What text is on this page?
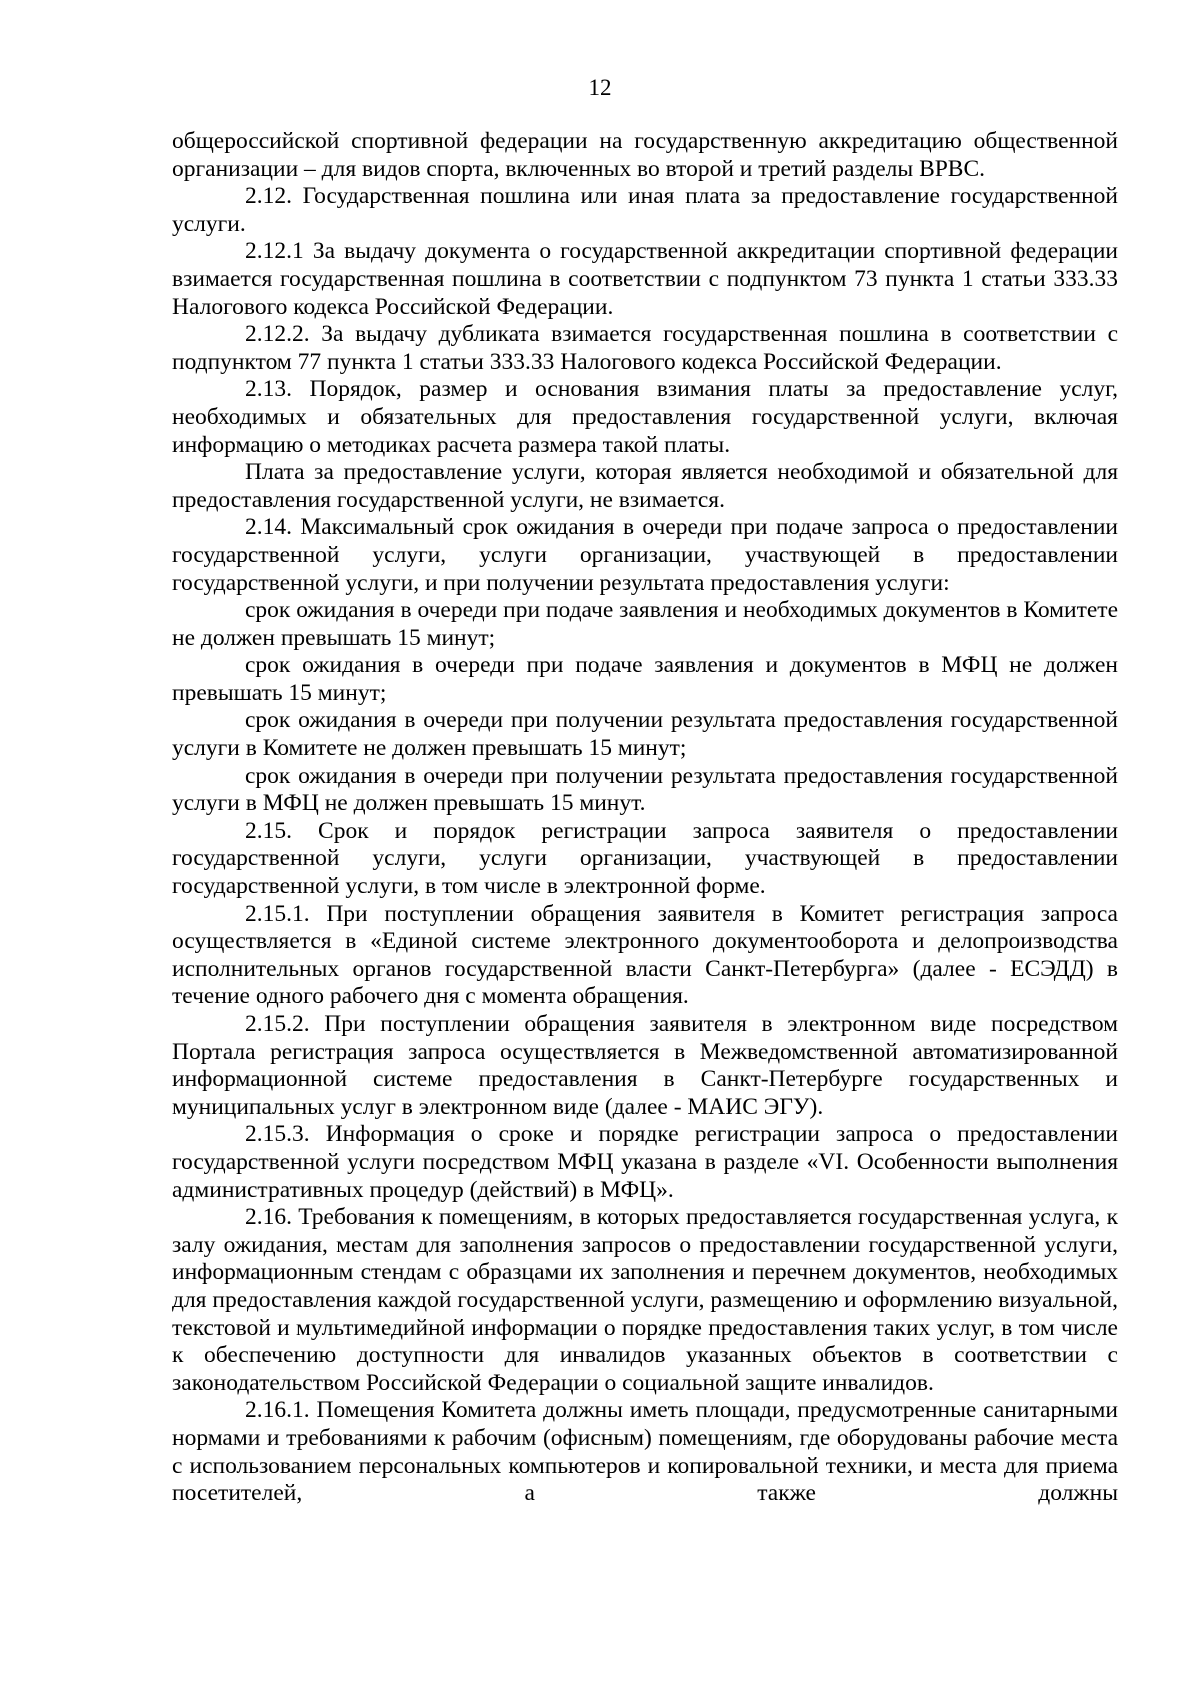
12

общероссийской спортивной федерации на государственную аккредитацию общественной организации – для видов спорта, включенных во второй и третий разделы ВРВС.

2.12. Государственная пошлина или иная плата за предоставление государственной услуги.

2.12.1 За выдачу документа о государственной аккредитации спортивной федерации взимается государственная пошлина в соответствии с подпунктом 73 пункта 1 статьи 333.33 Налогового кодекса Российской Федерации.

2.12.2. За выдачу дубликата взимается государственная пошлина в соответствии с подпунктом 77 пункта 1 статьи 333.33 Налогового кодекса Российской Федерации.

2.13. Порядок, размер и основания взимания платы за предоставление услуг, необходимых и обязательных для предоставления государственной услуги, включая информацию о методиках расчета размера такой платы.

Плата за предоставление услуги, которая является необходимой и обязательной для предоставления государственной услуги, не взимается.

2.14. Максимальный срок ожидания в очереди при подаче запроса о предоставлении государственной услуги, услуги организации, участвующей в предоставлении государственной услуги, и при получении результата предоставления услуги:

срок ожидания в очереди при подаче заявления и необходимых документов в Комитете не должен превышать 15 минут;

срок ожидания в очереди при подаче заявления и документов в МФЦ не должен превышать 15 минут;

срок ожидания в очереди при получении результата предоставления государственной услуги в Комитете не должен превышать 15 минут;

срок ожидания в очереди при получении результата предоставления государственной услуги в МФЦ не должен превышать 15 минут.

2.15. Срок и порядок регистрации запроса заявителя о предоставлении государственной услуги, услуги организации, участвующей в предоставлении государственной услуги, в том числе в электронной форме.

2.15.1. При поступлении обращения заявителя в Комитет регистрация запроса осуществляется в «Единой системе электронного документооборота и делопроизводства исполнительных органов государственной власти Санкт-Петербурга» (далее - ЕСЭДД) в течение одного рабочего дня с момента обращения.

2.15.2. При поступлении обращения заявителя в электронном виде посредством Портала регистрация запроса осуществляется в Межведомственной автоматизированной информационной системе предоставления в Санкт-Петербурге государственных и муниципальных услуг в электронном виде (далее - МАИС ЭГУ).

2.15.3. Информация о сроке и порядке регистрации запроса о предоставлении государственной услуги посредством МФЦ указана в разделе «VI. Особенности выполнения административных процедур (действий) в МФЦ».

2.16. Требования к помещениям, в которых предоставляется государственная услуга, к залу ожидания, местам для заполнения запросов о предоставлении государственной услуги, информационным стендам с образцами их заполнения и перечнем документов, необходимых для предоставления каждой государственной услуги, размещению и оформлению визуальной, текстовой и мультимедийной информации о порядке предоставления таких услуг, в том числе к обеспечению доступности для инвалидов указанных объектов в соответствии с законодательством Российской Федерации о социальной защите инвалидов.

2.16.1. Помещения Комитета должны иметь площади, предусмотренные санитарными нормами и требованиями к рабочим (офисным) помещениям, где оборудованы рабочие места с использованием персональных компьютеров и копировальной техники, и места для приема посетителей, а также должны
